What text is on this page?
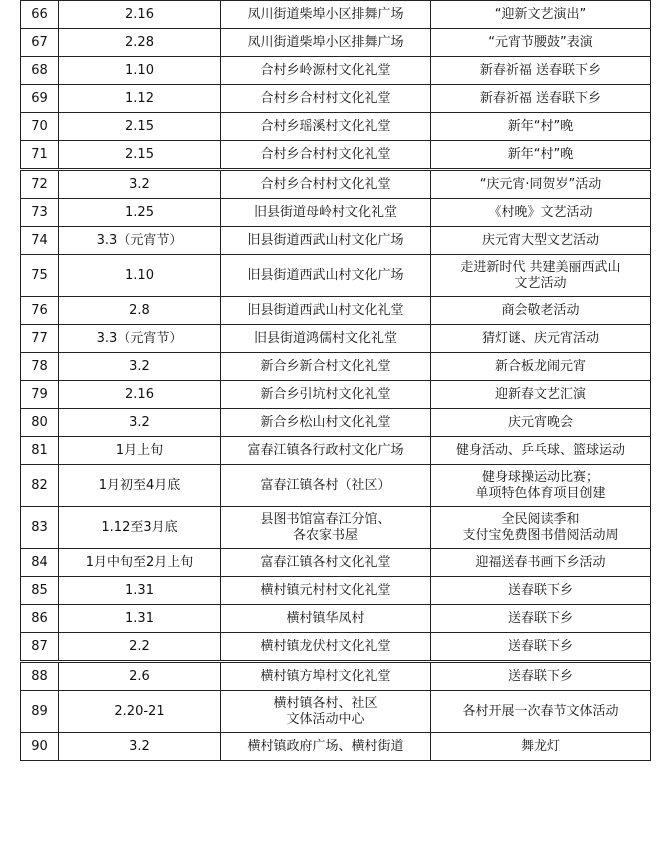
66	2.16	凤川街道柴埠小区排舞广场	“迎新文艺演出”
67	2.28	凤川街道柴埠小区排舞广场	“元宵节腰鼓”表演
68	1.10	合村乡岭源村文化礼堂	新春祈福 送春联下乡
69	1.12	合村乡合村村文化礼堂	新春祈福 送春联下乡
70	2.15	合村乡瑶溪村文化礼堂	新年“村”晚
71	2.15	合村乡合村村文化礼堂	新年“村”晚
72	3.2	合村乡合村村文化礼堂	“庆元宵·同贺岁”活动
73	1.25	旧县街道母岭村文化礼堂	《村晚》文艺活动
74	3.3（元宵节）	旧县街道西武山村文化广场	庆元宵大型文艺活动
75	1.10	旧县街道西武山村文化广场	走进新时代 共建美丽西武山
文艺活动

76	2.8	旧县街道西武山村文化礼堂	商会敬老活动
77	3.3（元宵节）	旧县街道鸿儒村文化礼堂	猜灯谜、庆元宵活动
78	3.2	新合乡新合村文化礼堂	新合板龙闹元宵
79	2.16	新合乡引坑村文化礼堂	迎新春文艺汇演
80	3.2	新合乡松山村文化礼堂	庆元宵晚会
81	1月上旬	富春江镇各行政村文化广场	健身活动、乒乓球、篮球运动
82	1月初至4月底	富春江镇各村（社区）	健身球操运动比赛；
单项特色体育项目创建

83	1.12至3月底	县图书馆富春江分馆、
各农家书屋	全民阅读季和
支付宝免费图书借阅活动周

84	1月中旬至2月上旬	富春江镇各村文化礼堂	迎福送春书画下乡活动
85	1.31	横村镇元村村文化礼堂	送春联下乡
86	1.31	横村镇华凤村	送春联下乡
87	2.2	横村镇龙伏村文化礼堂	送春联下乡
88	2.6	横村镇方埠村文化礼堂	送春联下乡
89	2.20-21	横村镇各村、社区
文体活动中心	各村开展一次春节文体活动
90	3.2	横村镇政府广场、横村街道	舞龙灯
